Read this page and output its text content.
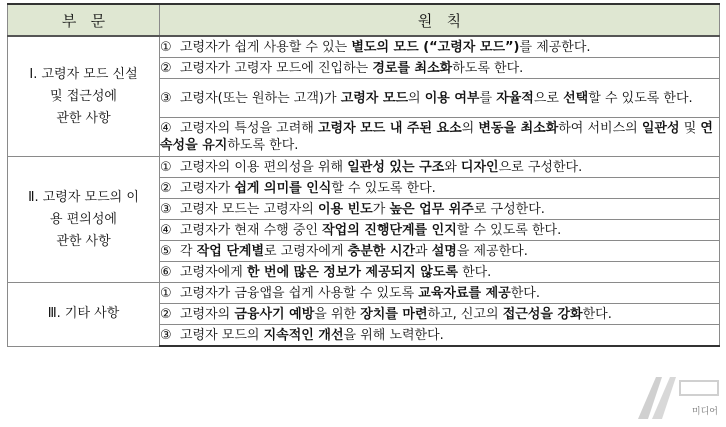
부   문	원   칙

Ⅰ. 고령자 모드 신설
및 접근성에
관한 사항	① 고령자가 쉽게 사용할 수 있는 별도의 모드 (“고령자 모드”)를 제공한다.
	② 고령자가 고령자 모드에 진입하는 경로를 최소화하도록 한다.
	③ 고령자(또는 원하는 고객)가 고령자 모드의 이용 여부를 자율적으로 선택할 수 있도록 한다.
	④ 고령자의 특성을 고려해 고령자 모드 내 주된 요소의 변동을 최소화하여 서비스의 일관성 및 연속성을 유지하도록 한다.

Ⅱ. 고령자 모드의 이
용 편의성에
관한 사항	① 고령자의 이용 편의성을 위해 일관성 있는 구조와 디자인으로 구성한다.
	② 고령자가 쉽게 의미를 인식할 수 있도록 한다.
	③ 고령자 모드는 고령자의 이용 빈도가 높은 업무 위주로 구성한다.
	④ 고령자가 현재 수행 중인 작업의 진행단계를 인지할 수 있도록 한다.
	⑤ 각 작업 단계별로 고령자에게 충분한 시간과 설명을 제공한다.
	⑥ 고령자에게 한 번에 많은 정보가 제공되지 않도록 한다.

Ⅲ. 기타 사항	① 고령자가 금융앱을 쉽게 사용할 수 있도록 교육자료를 제공한다.
	② 고령자의 금융사기 예방을 위한 장치를 마련하고, 신고의 접근성을 강화한다.
	③ 고령자 모드의 지속적인 개선을 위해 노력한다.
미디어
